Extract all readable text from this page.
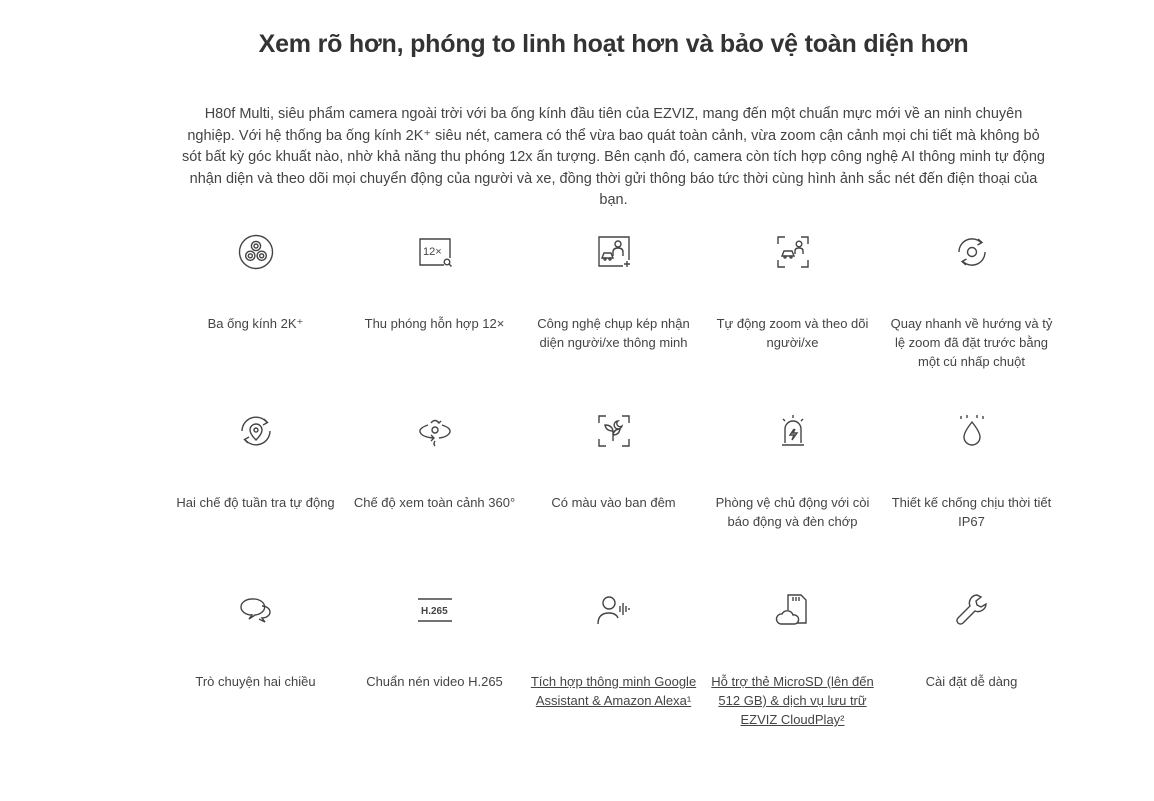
Xem rõ hơn, phóng to linh hoạt hơn và bảo vệ toàn diện hơn
H80f Multi, siêu phẩm camera ngoài trời với ba ống kính đầu tiên của EZVIZ, mang đến một chuẩn mực mới về an ninh chuyên nghiệp. Với hệ thống ba ống kính 2K⁺ siêu nét, camera có thể vừa bao quát toàn cảnh, vừa zoom cận cảnh mọi chi tiết mà không bỏ sót bất kỳ góc khuất nào, nhờ khả năng thu phóng 12x ấn tượng. Bên cạnh đó, camera còn tích hợp công nghệ AI thông minh tự động nhận diện và theo dõi mọi chuyển động của người và xe, đồng thời gửi thông báo tức thời cùng hình ảnh sắc nét đến điện thoại của bạn.
Ba ống kính 2K⁺
12×
Thu phóng hỗn hợp 12×	Công nghệ chụp kép nhận diện người/xe thông minh
Tự động zoom và theo dõi người/xe
Quay nhanh về hướng và tỷ lệ zoom đã đặt trước bằng một cú nhấp chuột
Hai chế độ tuần tra tự động	Chế độ xem toàn cảnh 360°	Có màu vào ban đêm	Phòng vệ chủ động với còi báo động và đèn chớp
Thiết kế chống chịu thời tiết IP67
Trò chuyện hai chiều
H.265
Chuẩn nén video H.265	Tích hợp thông minh Google Assistant & Amazon Alexa¹
Hỗ trợ thẻ MicroSD (lên đến 512 GB) & dịch vụ lưu trữ EZVIZ CloudPlay²
Cài đặt dễ dàng
